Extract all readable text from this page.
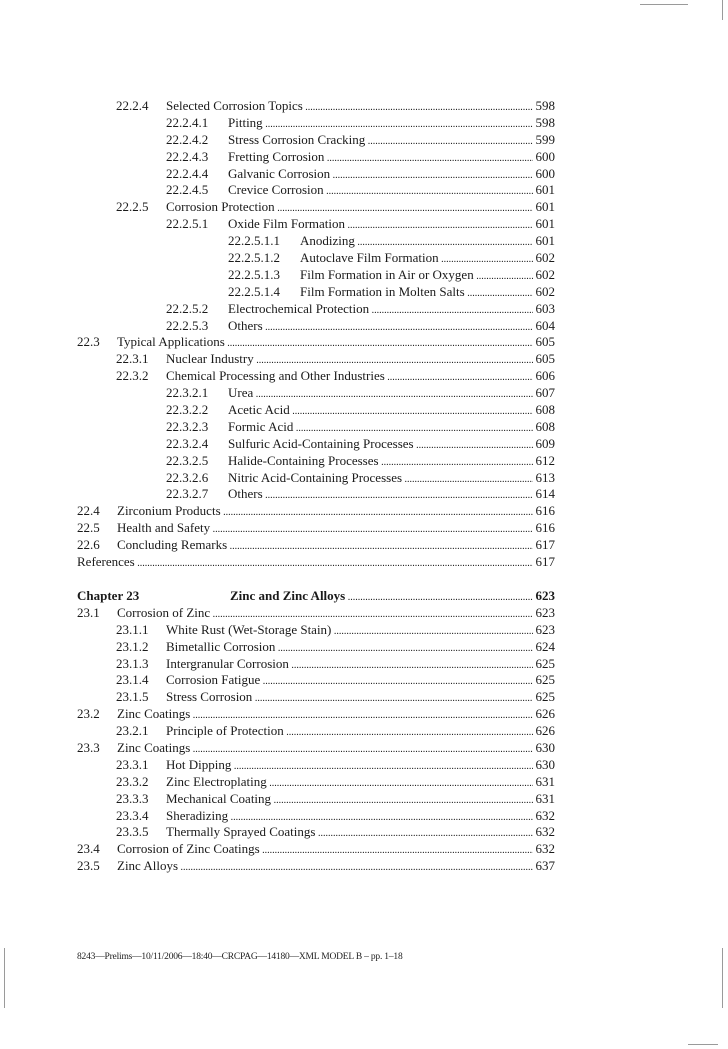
22.2.4 Selected Corrosion Topics .....	598
22.2.4.1 Pitting .....	598
22.2.4.2 Stress Corrosion Cracking .....	599
22.2.4.3 Fretting Corrosion .....	600
22.2.4.4 Galvanic Corrosion .....	600
22.2.4.5 Crevice Corrosion .....	601
22.2.5 Corrosion Protection .....	601
22.2.5.1 Oxide Film Formation .....	601
22.2.5.1.1 Anodizing .....	601
22.2.5.1.2 Autoclave Film Formation .....	602
22.2.5.1.3 Film Formation in Air or Oxygen .....	602
22.2.5.1.4 Film Formation in Molten Salts .....	602
22.2.5.2 Electrochemical Protection .....	603
22.2.5.3 Others .....	604
22.3 Typical Applications .....	605
22.3.1 Nuclear Industry .....	605
22.3.2 Chemical Processing and Other Industries .....	606
22.3.2.1 Urea .....	607
22.3.2.2 Acetic Acid .....	608
22.3.2.3 Formic Acid .....	608
22.3.2.4 Sulfuric Acid-Containing Processes .....	609
22.3.2.5 Halide-Containing Processes .....	612
22.3.2.6 Nitric Acid-Containing Processes .....	613
22.3.2.7 Others .....	614
22.4 Zirconium Products .....	616
22.5 Health and Safety .....	616
22.6 Concluding Remarks .....	617
References .....	617
Chapter 23	Zinc and Zinc Alloys .....	623
23.1 Corrosion of Zinc .....	623
23.1.1 White Rust (Wet-Storage Stain) .....	623
23.1.2 Bimetallic Corrosion .....	624
23.1.3 Intergranular Corrosion .....	625
23.1.4 Corrosion Fatigue .....	625
23.1.5 Stress Corrosion .....	625
23.2 Zinc Coatings .....	626
23.2.1 Principle of Protection .....	626
23.3 Zinc Coatings .....	630
23.3.1 Hot Dipping .....	630
23.3.2 Zinc Electroplating .....	631
23.3.3 Mechanical Coating .....	631
23.3.4 Sheradizing .....	632
23.3.5 Thermally Sprayed Coatings .....	632
23.4 Corrosion of Zinc Coatings .....	632
23.5 Zinc Alloys .....	637
8243—Prelims—10/11/2006—18:40—CRCPAG—14180—XML MODEL B – pp. 1–18
